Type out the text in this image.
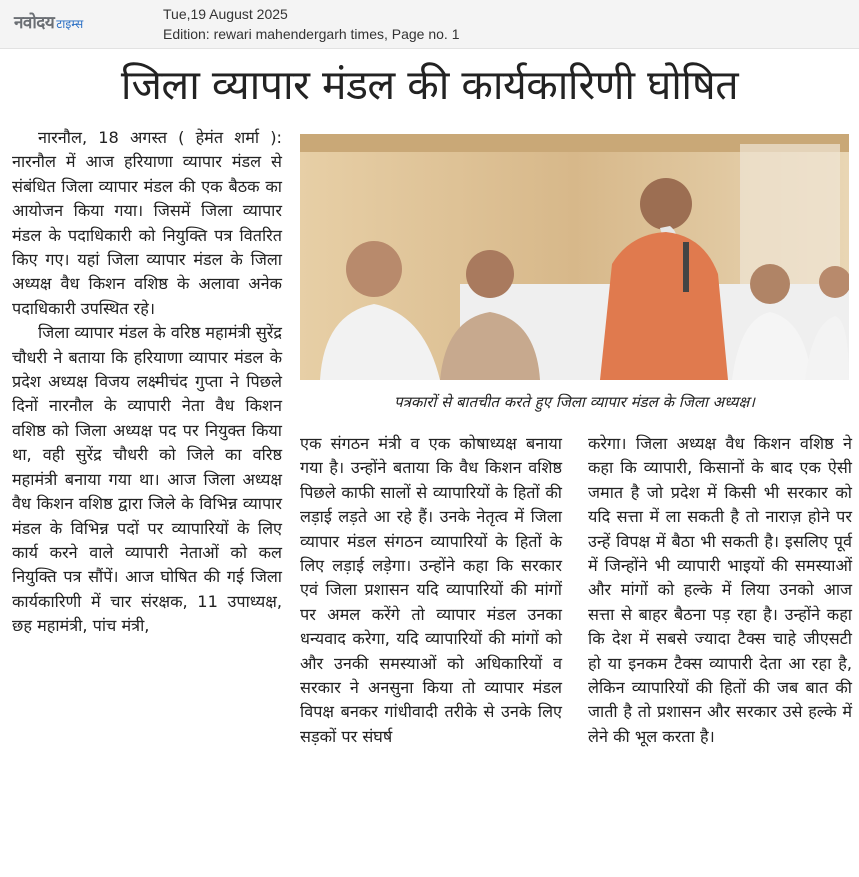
नवोदय टाइम्स
Tue,19 August 2025
Edition: rewari mahendergarh times, Page no. 1
जिला व्यापार मंडल की कार्यकारिणी घोषित

नारनौल, 18 अगस्त ( हेमंत शर्मा ): नारनौल में आज हरियाणा व्यापार मंडल से संबंधित जिला व्यापार मंडल की एक बैठक का आयोजन किया गया। जिसमें जिला व्यापार मंडल के पदाधिकारी को नियुक्ति पत्र वितरित किए गए। यहां जिला व्यापार मंडल के जिला अध्यक्ष वैध किशन वशिष्ठ के अलावा अनेक पदाधिकारी उपस्थित रहे।

जिला व्यापार मंडल के वरिष्ठ महामंत्री सुरेंद्र चौधरी ने बताया कि हरियाणा व्यापार मंडल के प्रदेश अध्यक्ष विजय लक्ष्मीचंद गुप्ता ने पिछले दिनों नारनौल के व्यापारी नेता वैध किशन वशिष्ठ को जिला अध्यक्ष पद पर नियुक्त किया था, वही सुरेंद्र चौधरी को जिले का वरिष्ठ महामंत्री बनाया गया था। आज जिला अध्यक्ष वैध किशन वशिष्ठ द्वारा जिले के विभिन्न व्यापार मंडल के विभिन्न पदों पर व्यापारियों के लिए कार्य करने वाले व्यापारी नेताओं को कल नियुक्ति पत्र सौंपें। आज घोषित की गई जिला कार्यकारिणी में चार संरक्षक, 11 उपाध्यक्ष, छह महामंत्री, पांच मंत्री,

पत्रकारों से बातचीत करते हुए जिला व्यापार मंडल के जिला अध्यक्ष।

एक संगठन मंत्री व एक कोषाध्यक्ष बनाया गया है। उन्होंने बताया कि वैध किशन वशिष्ठ पिछले काफी सालों से व्यापारियों के हितों की लड़ाई लड़ते आ रहे हैं। उनके नेतृत्व में जिला व्यापार मंडल संगठन व्यापारियों के हितों के लिए लड़ाई लड़ेगा। उन्होंने कहा कि सरकार एवं जिला प्रशासन यदि व्यापारियों की मांगों पर अमल करेंगे तो व्यापार मंडल उनका धन्यवाद करेगा, यदि व्यापारियों की मांगों को और उनकी समस्याओं को अधिकारियों व सरकार ने अनसुना किया तो व्यापार मंडल विपक्ष बनकर गांधीवादी तरीके से उनके लिए सड़कों पर संघर्ष

करेगा। जिला अध्यक्ष वैध किशन वशिष्ठ ने कहा कि व्यापारी, किसानों के बाद एक ऐसी जमात है जो प्रदेश में किसी भी सरकार को यदि सत्ता में ला सकती है तो नाराज़ होने पर उन्हें विपक्ष में बैठा भी सकती है। इसलिए पूर्व में जिन्होंने भी व्यापारी भाइयों की समस्याओं और मांगों को हल्के में लिया उनको आज सत्ता से बाहर बैठना पड़ रहा है। उन्होंने कहा कि देश में सबसे ज्यादा टैक्स चाहे जीएसटी हो या इनकम टैक्स व्यापारी देता आ रहा है, लेकिन व्यापारियों की हितों की जब बात की जाती है तो प्रशासन और सरकार उसे हल्के में लेने की भूल करता है।
